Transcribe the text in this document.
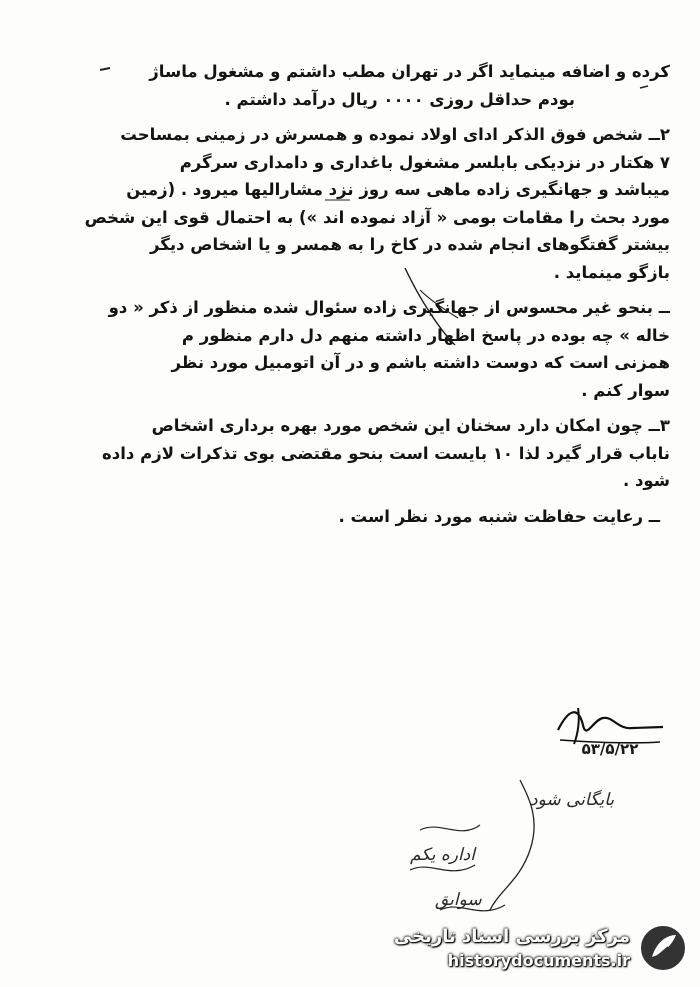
کرده و اضافه مینماید اگر در تهران مطب داشتم و مشغول ماساژ
بودم حداقل روزی ۰۰۰۰ ریال درآمد داشتم .
۲ــ شخص فوق الذکر ادای اولاد نموده و همسرش در زمینی بمساحت
۷ هکتار در نزدیکی بابلسر مشغول باغداری و دامداری سرگرم
میباشد و جهانگیری زاده ماهی سه روز نزد مشارالیها میرود . (زمین
مورد بحث را مقامات بومی « آزاد نموده اند ») به احتمال قوی این شخص
بیشتر گفتگوهای انجام شده در کاخ را به همسر و یا اشخاص دیگر
بازگو مینماید .
ــ بنحو غیر محسوس از جهانگیری زاده سئوال شده منظور از ذکر « دو
خاله » چه بوده در پاسخ اظهار داشته منهم دل دارم منظور م
همزنی است که دوست داشته باشم و در آن اتومبیل مورد نظر
سوار کنم .
۳ــ چون امکان دارد سخنان این شخص مورد بهره برداری اشخاص
ناباب قرار گیرد لذا ۱۰ بایست است بنحو مقتضی بوی تذکرات لازم داده
شود .
ــ رعایت حفاظت شنبه مورد نظر است .
۵۳/۵/۲۲
بایگانی شود
اداره یکم
سوابق
مرکز بررسی اسناد تاریخی
historydocuments.ir
